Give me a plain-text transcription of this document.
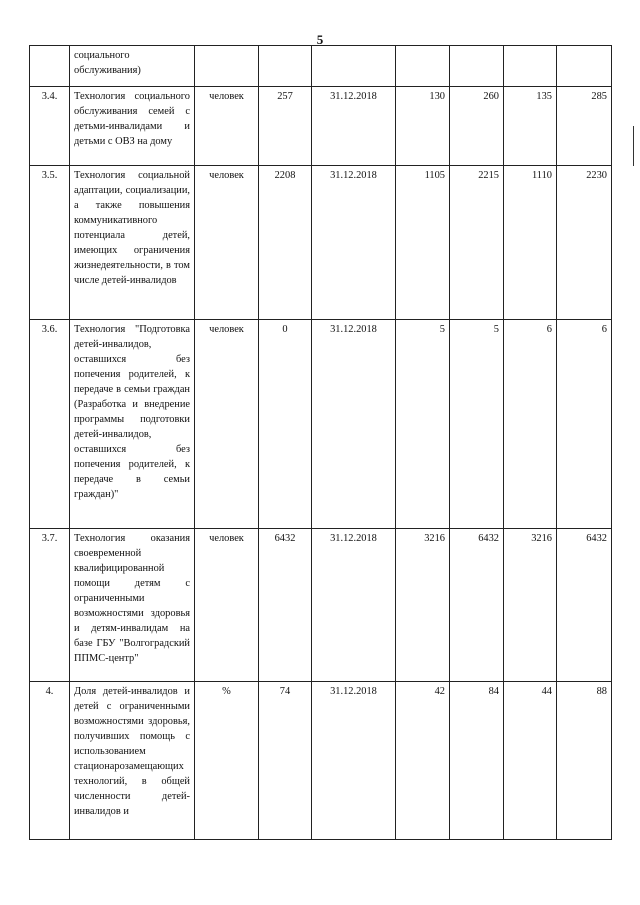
5
	социального обслуживания)							
3.4.	Технология социального обслуживания семей с детьми-инвалидами и детьми с ОВЗ на дому	человек	257	31.12.2018	130	260	135	285
3.5.	Технология социальной адаптации, социализации, а также повышения коммуникативного потенциала детей, имеющих ограничения жизнедеятельности, в том числе детей-инвалидов	человек	2208	31.12.2018	1105	2215	1110	2230
3.6.	Технология "Подготовка детей-инвалидов, оставшихся без попечения родителей, к передаче в семьи граждан (Разработка и внедрение программы подготовки детей-инвалидов, оставшихся без попечения родителей, к передаче в семьи граждан)"	человек	0	31.12.2018	5	5	6	6
3.7.	Технология оказания своевременной квалифицированной помощи детям с ограниченными возможностями здоровья и детям-инвалидам на базе ГБУ "Волгоградский ППМС-центр"	человек	6432	31.12.2018	3216	6432	3216	6432
4.	Доля детей-инвалидов и детей с ограниченными возможностями здоровья, получивших помощь с использованием стационарозамещающих технологий, в общей численности детей-инвалидов и	%	74	31.12.2018	42	84	44	88
